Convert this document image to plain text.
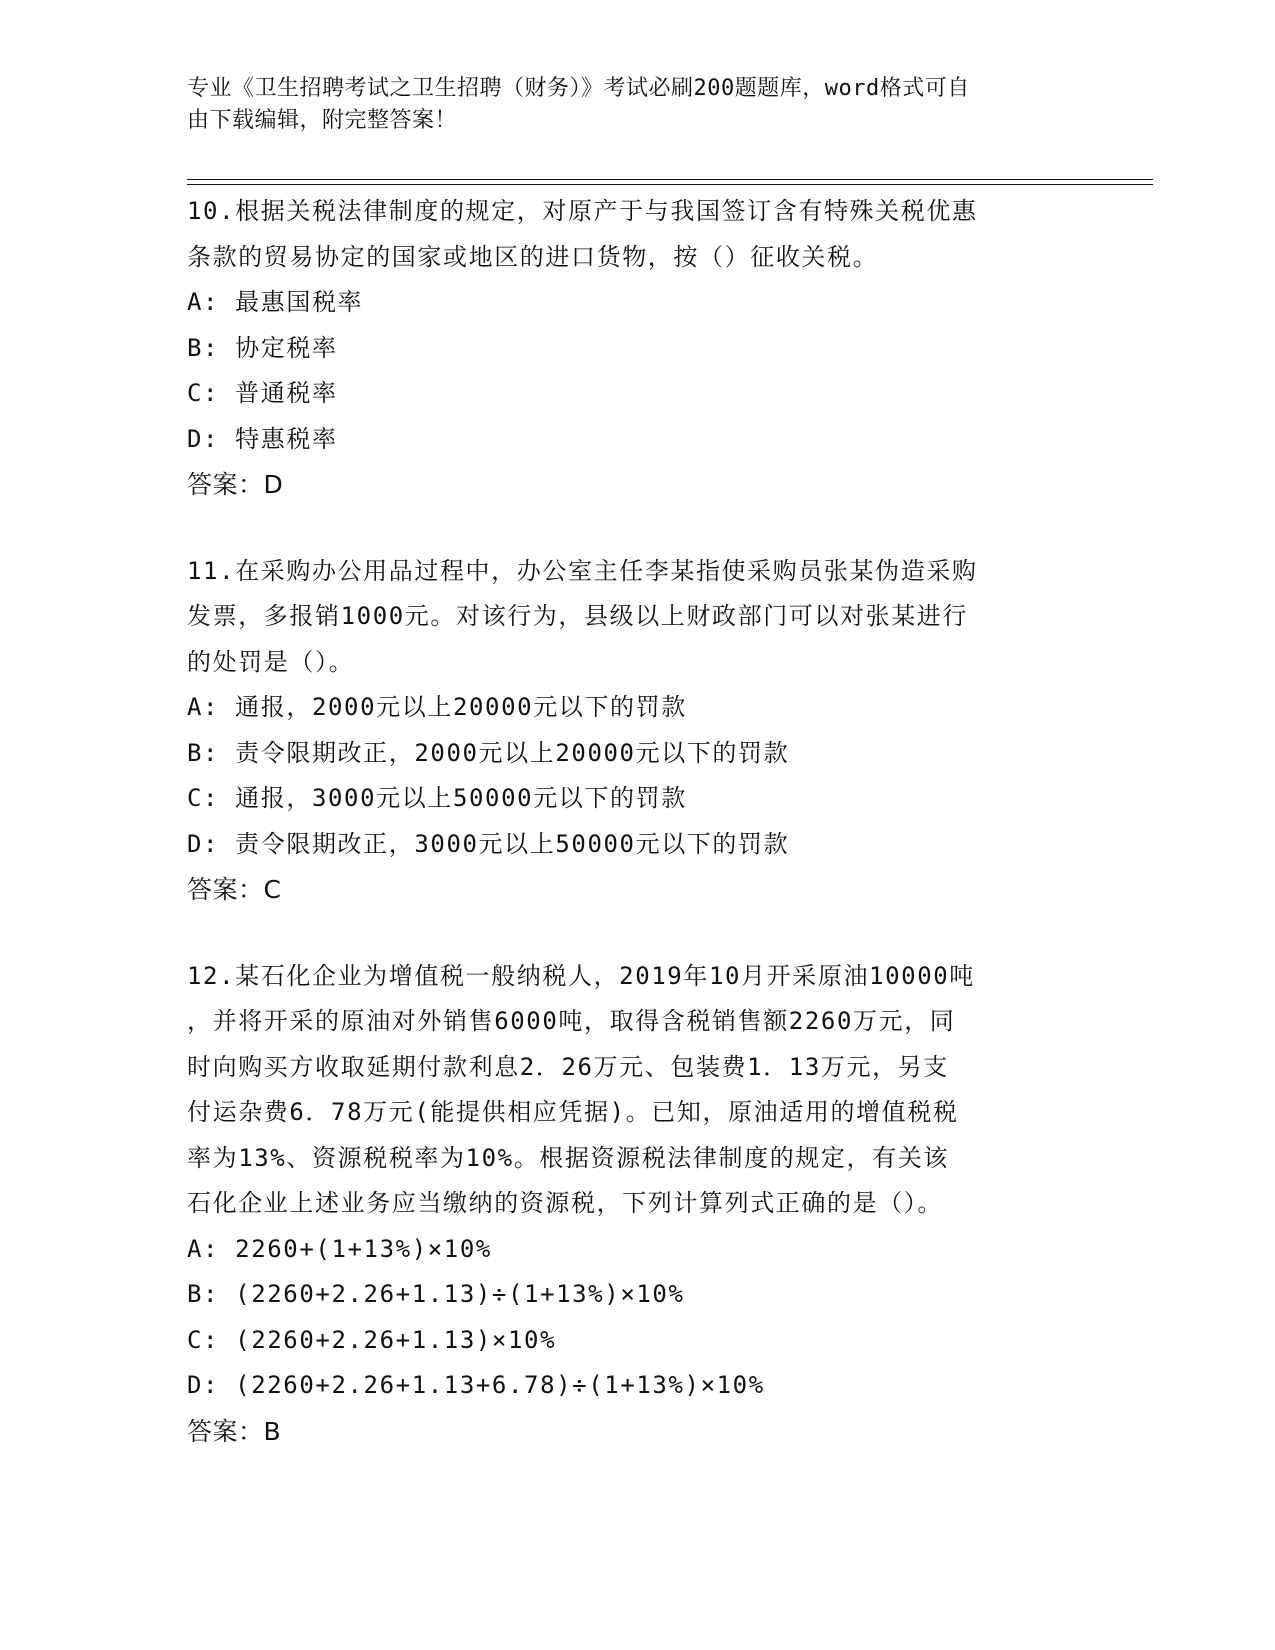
专业《卫生招聘考试之卫生招聘（财务）》考试必刷200题题库，word格式可自
由下载编辑，附完整答案！

10.根据关税法律制度的规定，对原产于与我国签订含有特殊关税优惠

条款的贸易协定的国家或地区的进口货物，按（）征收关税。

A: 最惠国税率

B: 协定税率

C: 普通税率

D: 特惠税率

答案：D

11.在采购办公用品过程中，办公室主任李某指使采购员张某伪造采购

发票，多报销1000元。对该行为，县级以上财政部门可以对张某进行

的处罚是（）。

A: 通报，2000元以上20000元以下的罚款

B: 责令限期改正，2000元以上20000元以下的罚款

C: 通报，3000元以上50000元以下的罚款

D: 责令限期改正，3000元以上50000元以下的罚款

答案：C

12.某石化企业为增值税一般纳税人，2019年10月开采原油10000吨

，并将开采的原油对外销售6000吨，取得含税销售额2260万元，同

时向购买方收取延期付款利息2．26万元、包装费1．13万元，另支

付运杂费6．78万元(能提供相应凭据)。已知，原油适用的增值税税

率为13%、资源税税率为10%。根据资源税法律制度的规定，有关该

石化企业上述业务应当缴纳的资源税，下列计算列式正确的是（）。

A: 2260+(1+13%)×10%

B: (2260+2.26+1.13)÷(1+13%)×10%

C: (2260+2.26+1.13)×10%

D: (2260+2.26+1.13+6.78)÷(1+13%)×10%

答案：B
